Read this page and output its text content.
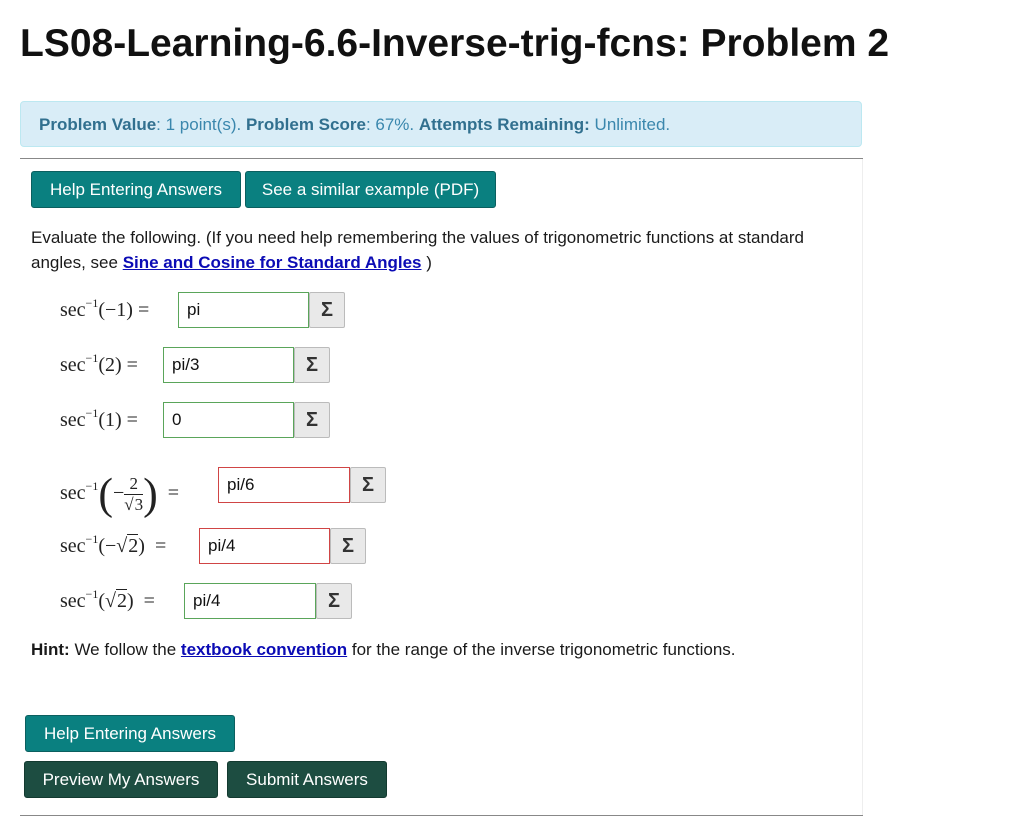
LS08-Learning-6.6-Inverse-trig-fcns: Problem 2
Problem Value: 1 point(s). Problem Score: 67%. Attempts Remaining: Unlimited.
Help Entering Answers	See a similar example (PDF)
Evaluate the following. (If you need help remembering the values of trigonometric functions at standard
angles, see Sine and Cosine for Standard Angles )
$\sec^{-1}(-1)$ =
pi	Σ
$\sec^{-1}(2)$ =
pi/3	Σ
$\sec^{-1}(1)$ =
0	Σ
$\sec^{-1}(- \frac{2}{√3}$ ) =
pi/6	Σ
$\sec^{-1}(-√2)$ =
pi/4	Σ
$\sec^{-1}(√2)$ =
pi/4	Σ
Hint: We follow the textbook convention for the range of the inverse trigonometric functions.
Help Entering Answers
Preview My Answers	Submit Answers
